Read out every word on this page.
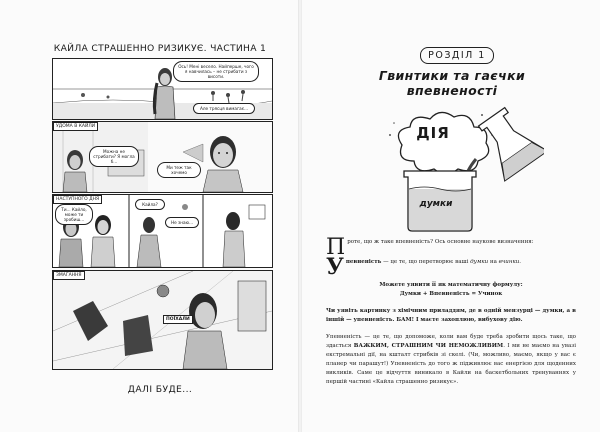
КАЙЛА СТРАШЕННО РИЗИКУЄ. ЧАСТИНА 1
Ось! Мені весело. Найперше, чого я навчилась – не стрибати з висоти.
Але трясця вимагає...
УДОМА В КАЙЛИ
Можна не стрибати? Я могла б...
Ми теж так хочемо
НАСТУПНОГО ДНЯ
Ти... Кайло, може ти зробиш...
Кайла?
Не знаю...
ЗМАГАННЯ
ПОЇХАЛИ
ДАЛІ БУДЕ...
РОЗДІЛ 1
Гвинтики та гаєчки впевненості
ДІЯ
думки
Проте, що ж таке впевненість? Ось основне наукове визначення:
Упевненість — це те, що перетворює ваші думки на вчинки.
Можете уявити її як математичну формулу:
Думки + Впевненість = Учинок
Чи уявіть картинку з хімічним приладдям, де в одній мензурці — думки, а в іншій — упевненість. БАМ! І маєте захоплюю, вибухову дію.
Упевненість — це те, що допоможе, коли вам буде треба зробити щось таке, що здасться ВАЖКИМ, СТРАШНИМ ЧИ НЕМОЖЛИВИМ. І ми не маємо на увазі екстремальні дії, на кшталт стрибків зі скелі. (Чи, можливо, маємо, якщо у вас є планер чи парашут!) Упевненість до того ж підживлює вас енергією для щоденних викликів. Саме це відчуття виникало в Кайли на баскетбольних тренуваннях у першій частині «Кайла страшенно ризикує».
